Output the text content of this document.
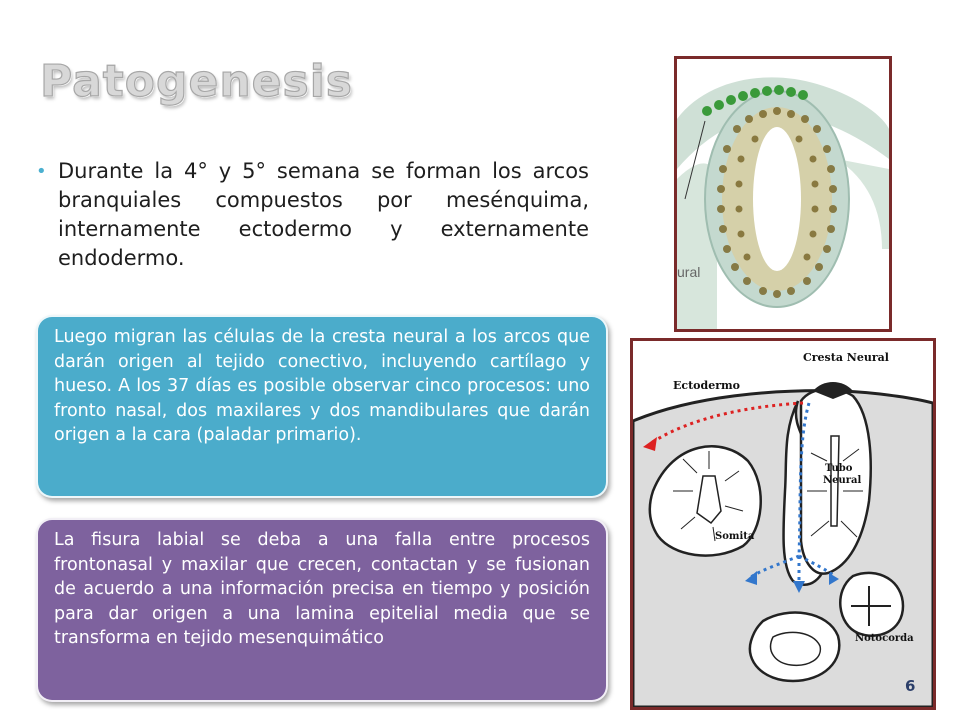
Patogenesis
• Durante la 4° y 5° semana se forman los arcos branquiales compuestos por mesénquima, internamente ectodermo y externamente endodermo.
Luego migran las células de la cresta neural a los arcos que darán origen al tejido conectivo, incluyendo cartílago y hueso. A los 37 días es posible observar cinco procesos: uno fronto nasal, dos maxilares y dos mandibulares que darán origen a la cara (paladar primario).
La fisura labial se deba a una falla entre procesos frontonasal y maxilar que crecen, contactan y se fusionan de acuerdo a una información precisa en tiempo y posición para dar origen a una lamina epitelial media que se transforma en tejido mesenquimático
ural
Cresta Neural
Ectodermo
Tubo
Neural
Somita
Notocorda
6
